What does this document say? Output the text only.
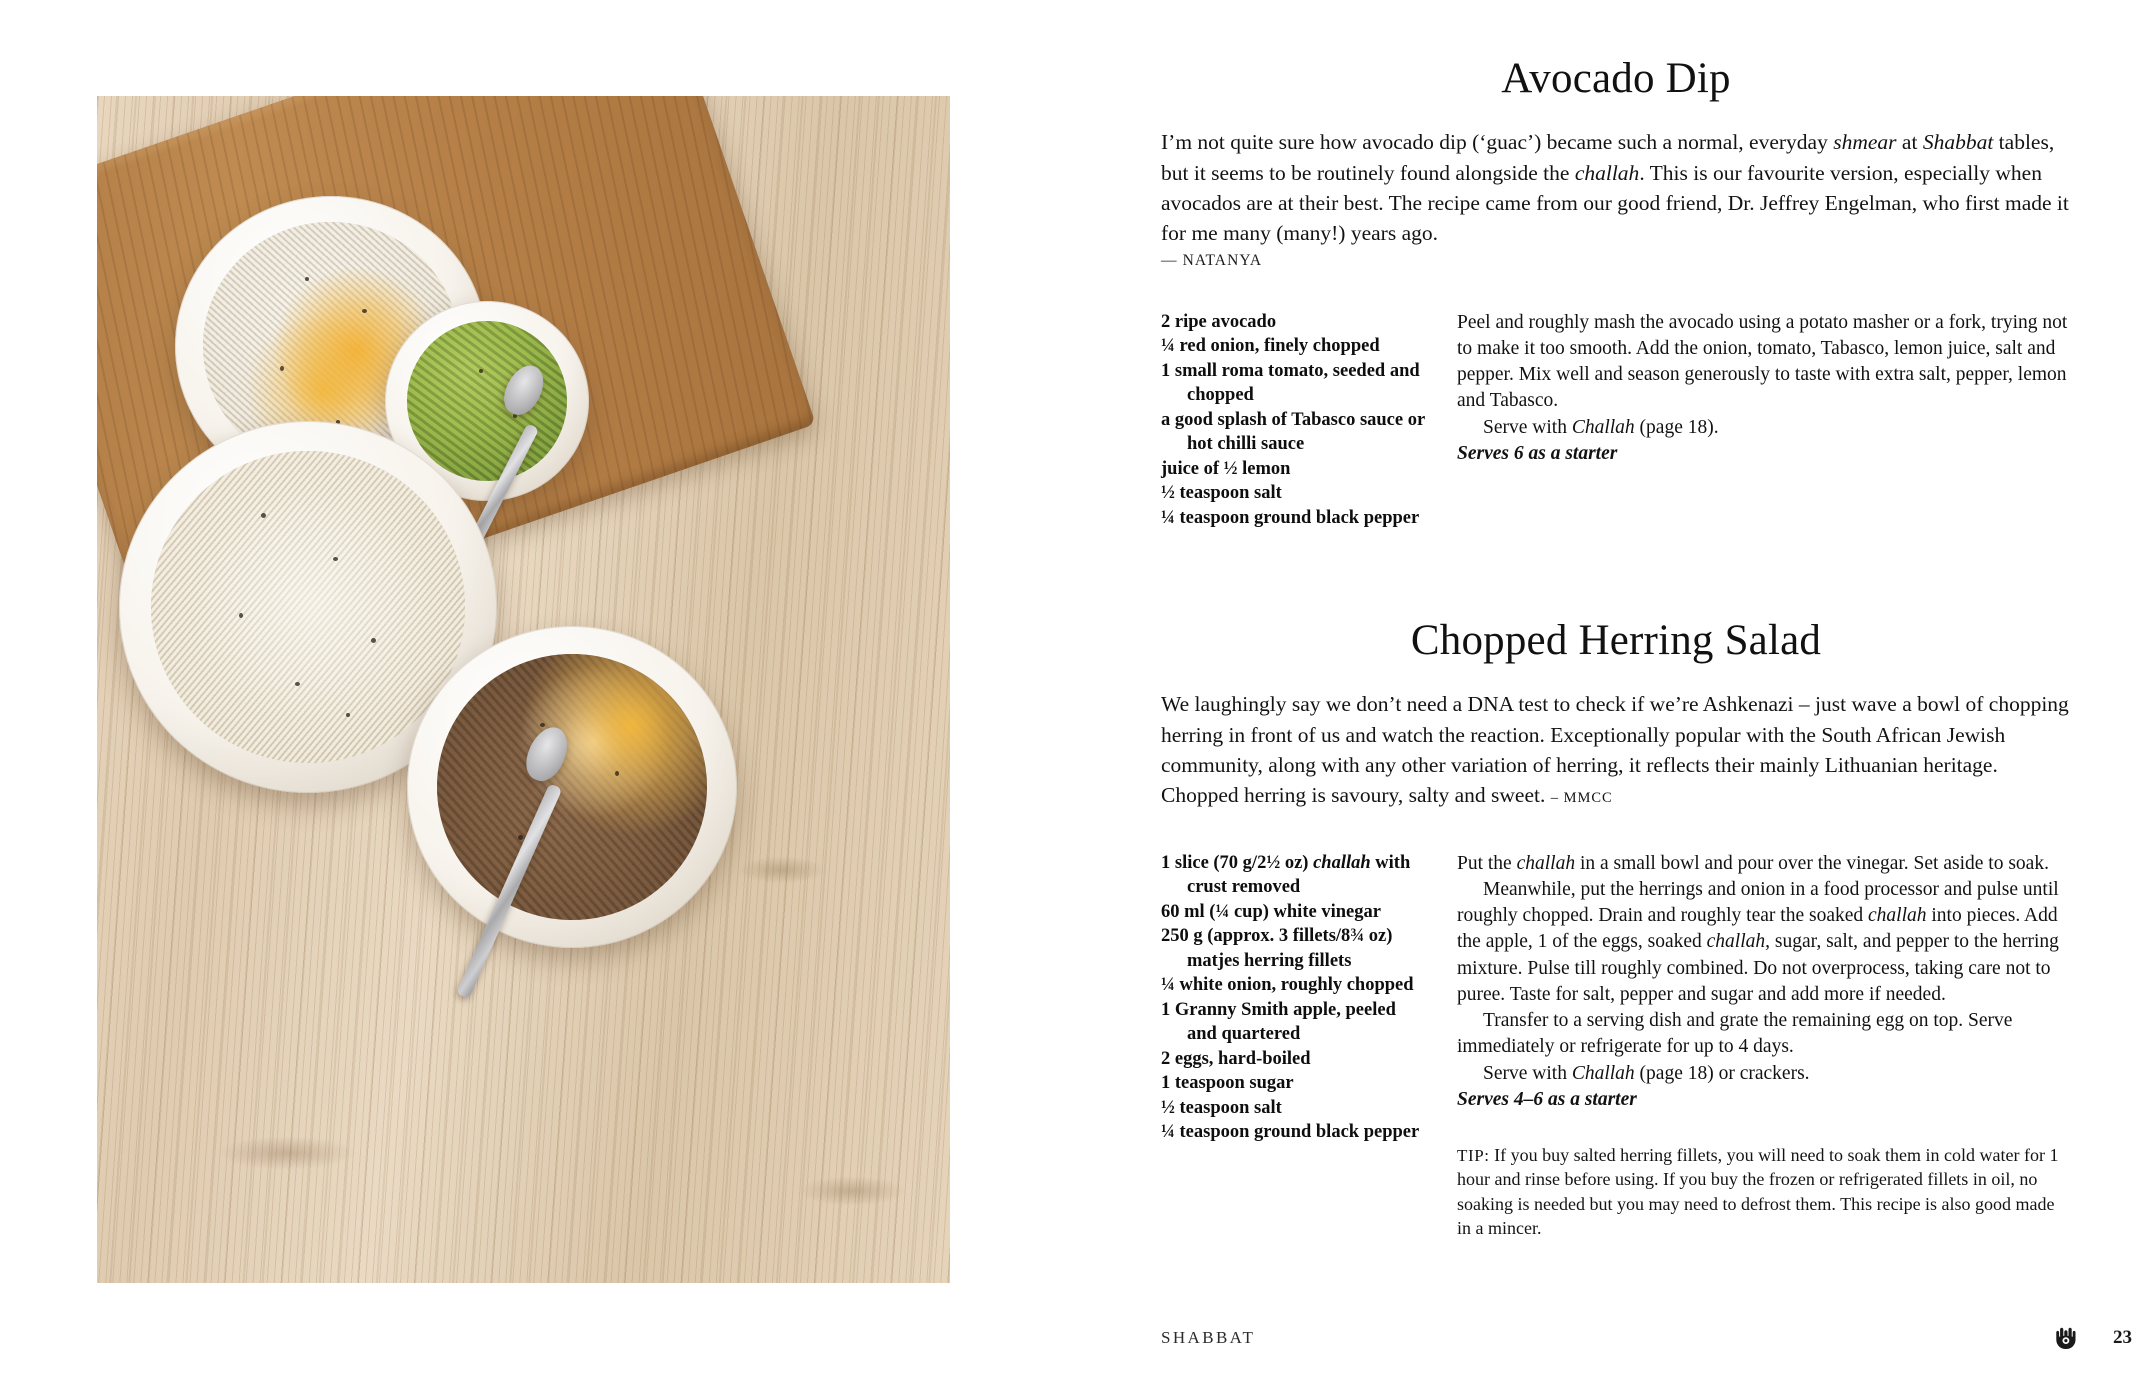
Avocado Dip

I’m not quite sure how avocado dip (‘guac’) became such a normal, everyday shmear at Shabbat tables, but it seems to be routinely found alongside the challah. This is our favourite version, especially when avocados are at their best. The recipe came from our good friend, Dr. Jeffrey Engelman, who first made it for me many (many!) years ago.

— NATANYA
2 ripe avocado
¼ red onion, finely chopped
1 small roma tomato, seeded and
chopped
a good splash of Tabasco sauce or
hot chilli sauce
juice of ½ lemon
½ teaspoon salt
¼ teaspoon ground black pepper

Peel and roughly mash the avocado using a potato masher or a fork, trying not to make it too smooth. Add the onion, tomato, Tabasco, lemon juice, salt and pepper. Mix well and season generously to taste with extra salt, pepper, lemon and Tabasco.

Serve with Challah (page 18).

Serves 6 as a starter
Chopped Herring Salad

We laughingly say we don’t need a DNA test to check if we’re Ashkenazi – just wave a bowl of chopping herring in front of us and watch the reaction. Exceptionally popular with the South African Jewish community, along with any other variation of herring, it reflects their mainly Lithuanian heritage. Chopped herring is savoury, salty and sweet. – MMCC

1 slice (70 g/2½ oz) challah with
crust removed
60 ml (¼ cup) white vinegar
250 g (approx. 3 fillets/8¾ oz)
matjes herring fillets
¼ white onion, roughly chopped
1 Granny Smith apple, peeled
and quartered
2 eggs, hard-boiled
1 teaspoon sugar
½ teaspoon salt
¼ teaspoon ground black pepper

Put the challah in a small bowl and pour over the vinegar. Set aside to soak.

Meanwhile, put the herrings and onion in a food processor and pulse until roughly chopped. Drain and roughly tear the soaked challah into pieces. Add the apple, 1 of the eggs, soaked challah, sugar, salt, and pepper to the herring mixture. Pulse till roughly combined. Do not overprocess, taking care not to puree. Taste for salt, pepper and sugar and add more if needed.

Transfer to a serving dish and grate the remaining egg on top. Serve immediately or refrigerate for up to 4 days.

Serve with Challah (page 18) or crackers.

Serves 4–6 as a starter

TIP: If you buy salted herring fillets, you will need to soak them in cold water for 1 hour and rinse before using. If you buy the frozen or refrigerated fillets in oil, no soaking is needed but you may need to defrost them. This recipe is also good made in a mincer.

SHABBAT	23
